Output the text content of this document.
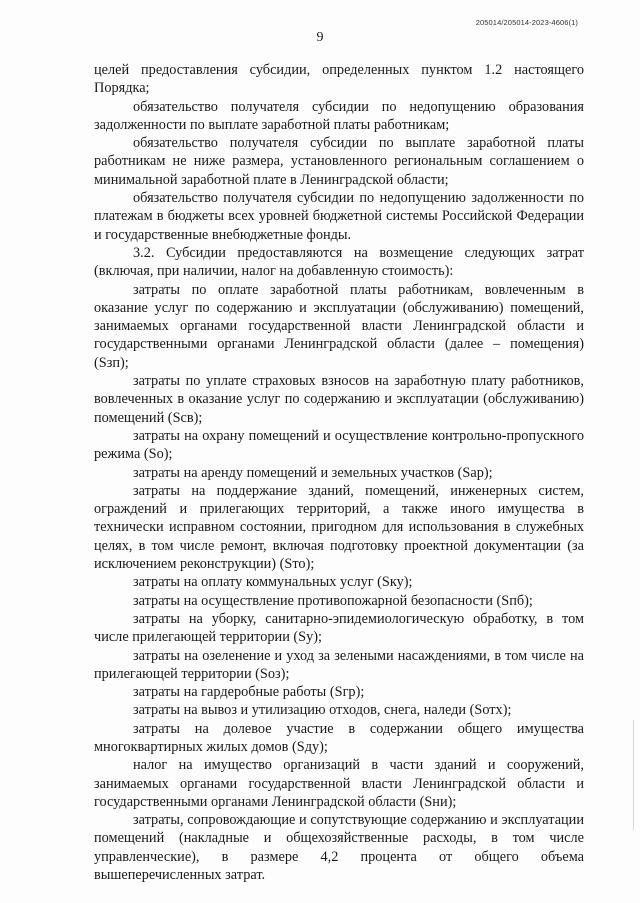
205014/205014-2023-4606(1)
9

целей предоставления субсидии, определенных пунктом 1.2 настоящего Порядка;

обязательство получателя субсидии по недопущению образования задолженности по выплате заработной платы работникам;

обязательство получателя субсидии по выплате заработной платы работникам не ниже размера, установленного региональным соглашением о минимальной заработной плате в Ленинградской области;

обязательство получателя субсидии по недопущению задолженности по платежам в бюджеты всех уровней бюджетной системы Российской Федерации и государственные внебюджетные фонды.

3.2. Субсидии предоставляются на возмещение следующих затрат (включая, при наличии, налог на добавленную стоимость):

затраты по оплате заработной платы работникам, вовлеченным в оказание услуг по содержанию и эксплуатации (обслуживанию) помещений, занимаемых органами государственной власти Ленинградской области и государственными органами Ленинградской области (далее – помещения) (Sзп);

затраты по уплате страховых взносов на заработную плату работников, вовлеченных в оказание услуг по содержанию и эксплуатации (обслуживанию) помещений (Sсв);

затраты на охрану помещений и осуществление контрольно-пропускного режима (Sо);

затраты на аренду помещений и земельных участков (Sар);

затраты на поддержание зданий, помещений, инженерных систем, ограждений и прилегающих территорий, а также иного имущества в технически исправном состоянии, пригодном для использования в служебных целях, в том числе ремонт, включая подготовку проектной документации (за исключением реконструкции) (Sто);

затраты на оплату коммунальных услуг (Sку);

затраты на осуществление противопожарной безопасности (Sпб);

затраты на уборку, санитарно-эпидемиологическую обработку, в том числе прилегающей территории (Sу);

затраты на озеленение и уход за зелеными насаждениями, в том числе на прилегающей территории (Sоз);

затраты на гардеробные работы (Sгр);

затраты на вывоз и утилизацию отходов, снега, наледи (Sотх);

затраты на долевое участие в содержании общего имущества многоквартирных жилых домов (Sду);

налог на имущество организаций в части зданий и сооружений, занимаемых органами государственной власти Ленинградской области и государственными органами Ленинградской области (Sни);

затраты, сопровождающие и сопутствующие содержанию и эксплуатации помещений (накладные и общехозяйственные расходы, в том числе управленческие), в размере 4,2 процента от общего объема вышеперечисленных затрат.
